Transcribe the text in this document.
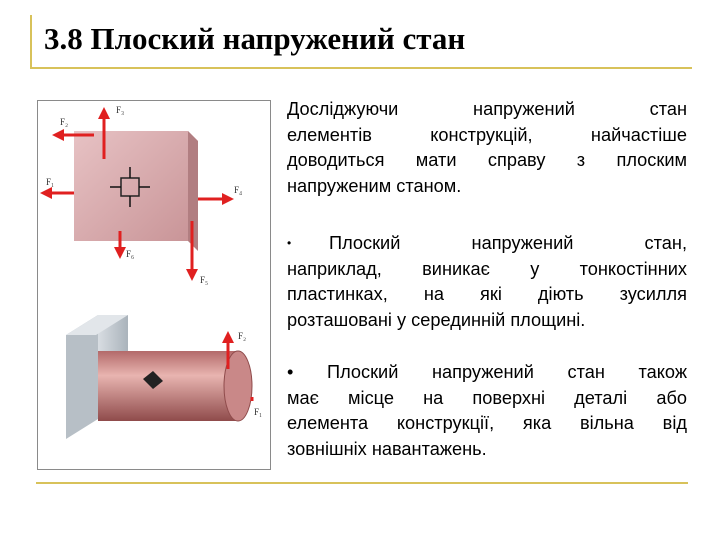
3.8 Плоский напружений стан
F₂
F₃
F₁
F₄
F₆
F₅
F₂
F₁
Досліджуючи напружений стан
елементів конструкцій, найчастіше
доводиться мати справу з плоским
напруженим станом.
•	Плоский напружений стан,
наприклад, виникає у тонкостінних
пластинках, на які діють зусилля
розташовані у серединній площині.
• Плоский напружений стан також
має місце на поверхні деталі або
елемента конструкції, яка вільна від
зовнішніх навантажень.
